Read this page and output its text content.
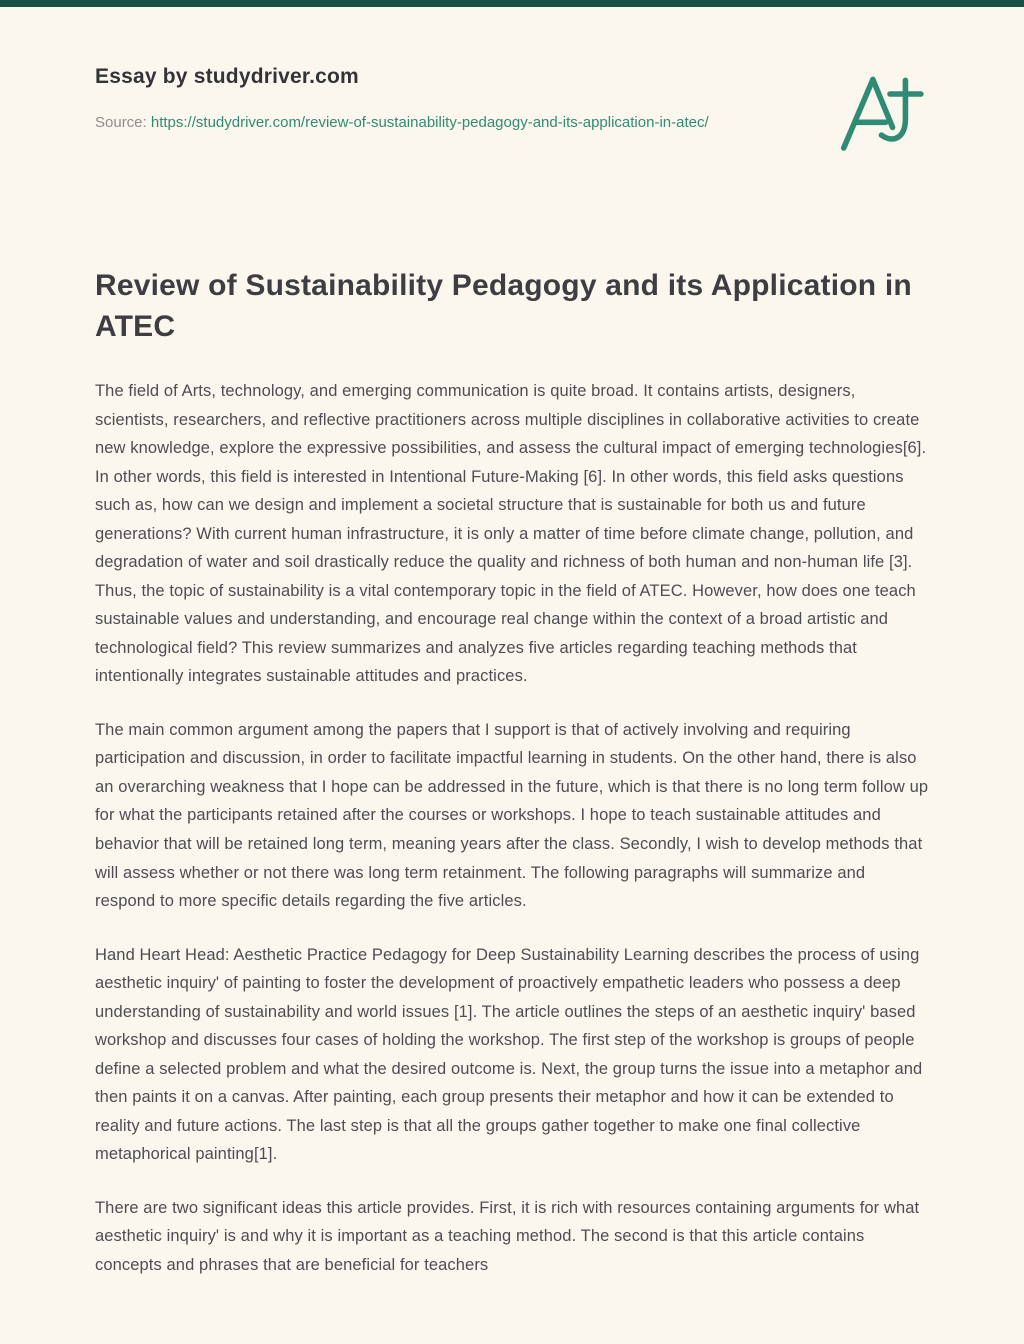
Essay by studydriver.com
Source: https://studydriver.com/review-of-sustainability-pedagogy-and-its-application-in-atec/
Review of Sustainability Pedagogy and its Application in ATEC

The field of Arts, technology, and emerging communication is quite broad. It contains artists, designers, scientists, researchers, and reflective practitioners across multiple disciplines in collaborative activities to create new knowledge, explore the expressive possibilities, and assess the cultural impact of emerging technologies[6]. In other words, this field is interested in Intentional Future-Making [6]. In other words, this field asks questions such as, how can we design and implement a societal structure that is sustainable for both us and future generations? With current human infrastructure, it is only a matter of time before climate change, pollution, and degradation of water and soil drastically reduce the quality and richness of both human and non-human life [3]. Thus, the topic of sustainability is a vital contemporary topic in the field of ATEC. However, how does one teach sustainable values and understanding, and encourage real change within the context of a broad artistic and technological field? This review summarizes and analyzes five articles regarding teaching methods that intentionally integrates sustainable attitudes and practices.

The main common argument among the papers that I support is that of actively involving and requiring participation and discussion, in order to facilitate impactful learning in students. On the other hand, there is also an overarching weakness that I hope can be addressed in the future, which is that there is no long term follow up for what the participants retained after the courses or workshops. I hope to teach sustainable attitudes and behavior that will be retained long term, meaning years after the class. Secondly, I wish to develop methods that will assess whether or not there was long term retainment. The following paragraphs will summarize and respond to more specific details regarding the five articles.

Hand Heart Head: Aesthetic Practice Pedagogy for Deep Sustainability Learning describes the process of using aesthetic inquiry' of painting to foster the development of proactively empathetic leaders who possess a deep understanding of sustainability and world issues [1]. The article outlines the steps of an aesthetic inquiry' based workshop and discusses four cases of holding the workshop. The first step of the workshop is groups of people define a selected problem and what the desired outcome is. Next, the group turns the issue into a metaphor and then paints it on a canvas. After painting, each group presents their metaphor and how it can be extended to reality and future actions. The last step is that all the groups gather together to make one final collective metaphorical painting[1].

There are two significant ideas this article provides. First, it is rich with resources containing arguments for what aesthetic inquiry' is and why it is important as a teaching method. The second is that this article contains concepts and phrases that are beneficial for teachers
